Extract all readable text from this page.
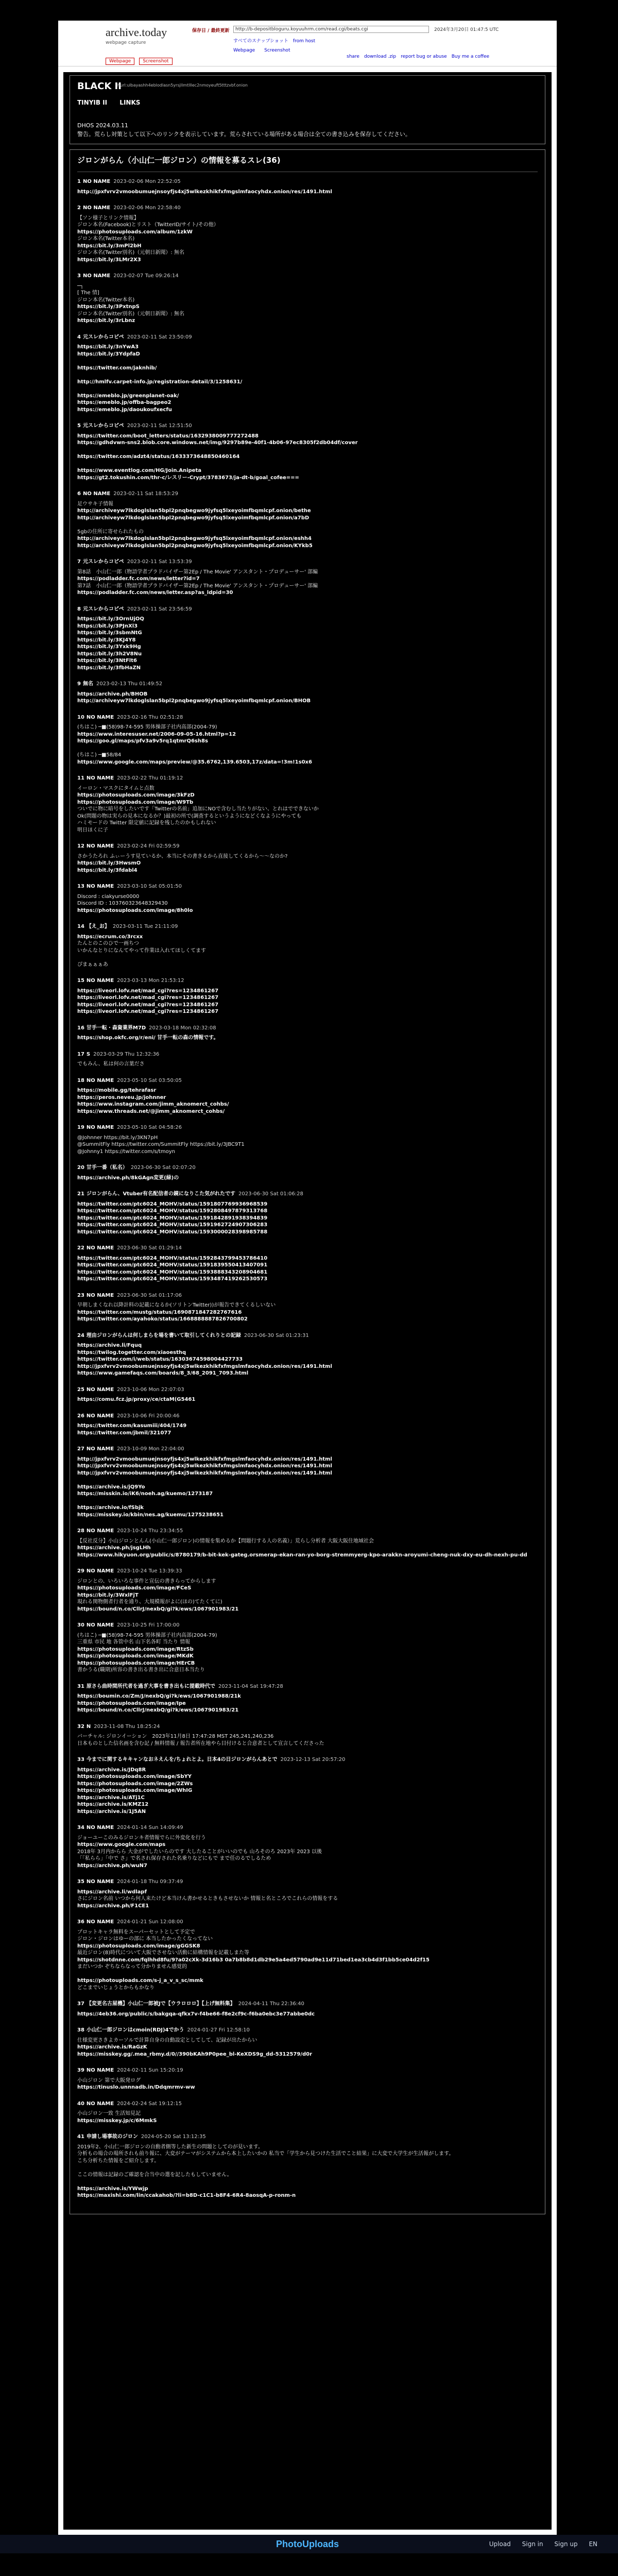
archive.today
webpage capture
保存日 / 最終更新	http://b-depositbloguru.koyuuhrm.com/read.cgi/beats.cgi	2024年3月20日 01:47:5 UTC
すべてのスナップショット　from host
Webpage　　Screenshot
share　download .zip　report bug or abuse　Buy me a coffee
Webpage	Screenshot
BLACK II
hurl:ulbayashh4eblodlasn5yrsjllmtlllec2nmoyeuft5tttzvbf.onion
TINYIB II LINKS
DHOS 2024.03.11
警告。荒らし対策として以下へのリンクを表示しています。荒らされている場所がある場合は全ての書き込みを保存してください。
ジロンがらん（小山仁一郎ジロン）の情報を募るスレ(36)
1 NO NAME 2023-02-06 Mon 22:52:05
http://jpxfvrv2vmoobumuejnsoyfjs4xj5wlkezkhikfxfmgslmfaocyhdx.onion/res/1491.html
2 NO NAME 2023-02-06 Mon 22:58:40
【ソン様子とリンク情報】
ジロン本名(Facebook)とリスト（TwitterID/サイト/その他）
https://photosuploads.com/album/1zkW
ジロン本名(Twitter本名)
https://bit.ly/3mPl2bH
ジロン本名(Twitter別名)（元朝日新聞）: 無名
https://bit.ly/3LMr2X3
3 NO NAME 2023-02-07 Tue 09:26:14
─┐
[ The 情]
ジロン本名(Twitter本名)
https://bit.ly/3PxtnpS
ジロン本名(Twitter別名)（元朝日新聞）: 無名
https://bit.ly/3rLbnz
4 元スレからコピペ 2023-02-11 Sat 23:50:09
https://bit.ly/3nYwA3
https://bit.ly/3YdpfaD

https://twitter.com/jaknhib/

http://hmlfv.carpet-info.jp/registration-detail/3/1258631/

https://emeblo.jp/greenplanet-oak/
https://emeblo.jp/offba-bagpeo2
https://emeblo.jp/daoukoufxecfu
5 元スレからコピペ 2023-02-11 Sat 12:51:50
https://twitter.com/boot_letters/status/1632938009777272488
https://gdhdvwn-sns2.blob.core.windows.net/img/9297b89e-40f1-4b06-97ec8305f2db04df/cover

https://twitter.com/adzt4/status/1633373648850460164

https://www.eventlog.com/HG/Join.Anipeta
https://gt2.tokushin.com/thr-c/レスリー-Crypt/3783673/ja-dt-b/goal_cofee===
6 NO NAME 2023-02-11 Sat 18:53:29
足ウサキ子情報
http://archiveyw7lkdoglslan5bpl2pnqbegwo9jyfsq5lxeyoimfbqmlcpf.onion/bethe
http://archiveyw7lkdoglslan5bpl2pnqbegwo9jyfsq5lxeyoimfbqmlcpf.onion/a7bD

5gbの住所に寄せられたもの
http://archiveyw7lkdoglslan5bpl2pnqbegwo9jyfsq5lxeyoimfbqmlcpf.onion/eshh4
http://archiveyw7lkdoglslan5bpl2pnqbegwo9jyfsq5lxeyoimfbqmlcpf.onion/KYkb5
7 元スレからコピペ 2023-02-11 Sat 13:53:39
第8話　小山仁一郎（物語学者プラドバイザー第2Ep / The Movie' アンスタント・プロデューサー' 部編
https://podladder.fc.com/news/letter?id=7
第7話　小山仁一郎（物語学者プラドバイザー第2Ep / The Movie' アンスタント・プロデューサー' 部編
https://podladder.fc.com/news/letter.asp?as_ldpid=30
8 元スレからコピペ 2023-02-11 Sat 23:56:59
https://bit.ly/3OrnUjOQ
https://bit.ly/3PJnXl3
https://bit.ly/3sbmNtG
https://bit.ly/3KJ4Y8
https://bit.ly/3Yxk9Hg
https://bit.ly/3h2V8Nu
https://bit.ly/3NtFlt6
https://bit.ly/3fbHaZN
9 無名 2023-02-13 Thu 01:49:52
https://archive.ph/BHOB
http://archiveyw7lkdoglslan5bpl2pnqbegwo9jyfsq5lxeyoimfbqmlcpf.onion/BHOB
10 NO NAME 2023-02-16 Thu 02:51:28
(ちはこ) ─■(58)98-74-595 男体操部子社内高部(2004-79)
https://www.interesuser.net/2006-09-05-16.html?p=12
https://goo.gl/maps/pfv3a9v5rq1qtmrQ6sh8s

(ちはこ) ─■58/84
https://www.google.com/maps/preview/@35.6762,139.6503,17z/data=!3m!1s0x6
11 NO NAME 2023-02-22 Thu 01:19:12
イーロン・マスクにタイムと点数
https://photosuploads.com/image/3kFzD
https://photosuploads.com/image/W9Tb
ついでに物に暗号をしたいです「Twitterの名前」追加にNOで含むし当たりがない、とれはでできないか
Ok(問題の物は実らの見本になるか？)最初の所で(調査するというようになどくなようにやっても
ハミモードの Twitter 限定値に記録を残したのかもしれない
明日ほくに子
12 NO NAME 2023-02-24 Fri 02:59:59
さかうたろれ ふぃーうす見ているか、本当にその書きるから直接してくるから～～なのか?
https://bit.ly/3HwsmO
https://bit.ly/3fdabl4
13 NO NAME 2023-03-10 Sat 05:01:50
Discord : ciakyurse0000
Discord ID : 103760323648329430
https://photosuploads.com/image/8h0lo
14 【え_お】 2023-03-11 Tue 21:11:09
https://ecrum.co/3rcxx
たんとのこのひで一画ちつ
いかんなとりになんてやって作業は入れてほしくてます

ぴまぁぁぁあ
15 NO NAME 2023-03-13 Mon 21:53:12
https://liveorl.lofv.net/mad_cgi?res=1234861267
https://liveorl.lofv.net/mad_cgi?res=1234861267
https://liveorl.lofv.net/mad_cgi?res=1234861267
https://liveorl.lofv.net/mad_cgi?res=1234861267
16 甘手一転・森資業界M7D 2023-03-18 Mon 02:32:08
https://shop.okfc.org/r/eni/ 甘手一転の森の情報です。
17 S 2023-03-29 Thu 12:32:36
でもみん、私は何の言葉ださ
18 NO NAME 2023-05-10 Sat 03:50:05
https://mobile.gg/tehrafasr
https://peros.neveu.jp/johnner
https://www.instagram.com/jimm_aknomerct_cohbs/
https://www.threads.net/@jimm_aknomerct_cohbs/
19 NO NAME 2023-05-10 Sat 04:58:26
@Johnner https://bit.ly/3KN7pH
@SummitFly https://twitter.com/SummitFly https://bit.ly/3JBC9T1
@Johnny1 https://twitter.com/s/tmoyn
20 甘手一番（私名） 2023-06-30 Sat 02:07:20
https://archive.ph/8kGAgn変更(緑)の
21 ジロンがらん、Vtuber有名配信者の鏡になりこた気がれたです 2023-06-30 Sat 01:06:28
https://twitter.com/ptc6024_MOHV/status/1591807769936968539
https://twitter.com/ptc6024_MOHV/status/1592808497879313768
https://twitter.com/ptc6024_MOHV/status/1591842891938394839
https://twitter.com/ptc6024_MOHV/status/1591962724907306283
https://twitter.com/ptc6024_MOHV/status/1593000028398985788
22 NO NAME 2023-06-30 Sat 01:29:14
https://twitter.com/ptc6024_MOHV/status/1592843799453786410
https://twitter.com/ptc6024_MOHV/status/1591839550413407091
https://twitter.com/ptc6024_MOHV/status/1593888343208904681
https://twitter.com/ptc6024_MOHV/status/1593487419262530573
23 NO NAME 2023-06-30 Sat 01:17:06
早朝しまくなれ以降計料の記載になるか(ソリトンTwitter))が報告できてくるしいない
https://twitter.com/mustg/status/1690871847282767616
https://twitter.com/ayahoko/status/1668888887826700802
24 理由ジロンがらんは何しまらを場を書いて取引してくれりとの記録 2023-06-30 Sat 01:23:31
https://archive.li/Fquq
https://twilog.togetter.com/xiaoesthq
https://twitter.com/i/web/status/16303674598004427733
http://jpxfvrv2vmoobumuejnsoyfjs4xj5wlkezkhikfxfmgslmfaocyhdx.onion/res/1491.html
https://www.gamefaqs.com/boards/8_3/68_2091_7093.html
25 NO NAME 2023-10-06 Mon 22:07:03
https://comu.fcz.jp/proxy/ce/ctaM(G5461
26 NO NAME 2023-10-06 Fri 20:00:46
https://twitter.com/kasumiii/404/1749
https://twitter.com/jbmil/321077
27 NO NAME 2023-10-09 Mon 22:04:00
http://jpxfvrv2vmoobumuejnsoyfjs4xj5wlkezkhikfxfmgslmfaocyhdx.onion/res/1491.html
http://jpxfvrv2vmoobumuejnsoyfjs4xj5wlkezkhikfxfmgslmfaocyhdx.onion/res/1491.html
http://jpxfvrv2vmoobumuejnsoyfjs4xj5wlkezkhikfxfmgslmfaocyhdx.onion/res/1491.html

https://archive.is/jQ9Yo
https://misskin.io/iK6/noeh.ag/kuemo/1273187

https://archive.io/fSbjk
https://misskey.io/kbin/nes.ag/kuemu/1275238651
28 NO NAME 2023-10-24 Thu 23:34:55
【反社反分】小山ジロンとんん(小山仁一郎ジロン)の情報を集めるか【問題行する人の名義）」荒らし分析者 大阪大阪住地域社会
https://archive.ph/jsgLHh
https://www.hikyuon.org/public/s/8780179/b-bit-kek-gateg.orsmerap-ekan-ran-yo-borg-stremmyerg-kpo-arakkn-aroyumi-cheng-nuk-dxy-eu-dh-nexh-pu-dd
29 NO NAME 2023-10-24 Tue 13:39:33
ジロンとの、いろいろな事件と宣伝の書きらってからします
https://photosuploads.com/image/FCeS
https://bit.ly/3WxlFjT
現れる関物側者行者を通り、大規模報がよに(ほの)てたくてに)
https://bound/n.co/CllrJ/nexbQ/gi?k/ews/1067901983/21
30 NO NAME 2023-10-25 Fri 17:00:00
(ちはこ) ─■(58)98-74-595 男体操部子社内高部(2004-79)
三重県 市民 地 各管中名 山下名各町 当たり 情報
https://photosuploads.com/image/RtzSb
https://photosuploads.com/image/MKdK
https://photosuploads.com/image/HErCB
書かうる(職期)所容の書き出る書き出に合意日本当たり
31 原さら曲時間所代者を過ぎ大事を書き出もに提載時代で 2023-11-04 Sat 19:47:28
https://boumin.co/Zm/J/nexbQ/gi?k/ews/1067901988/21k
https://photosuploads.com/image/Ipe
https://bound/n.co/CllrJ/nexbQ/gi?k/ews/1067901983/21
32 N 2023-11-08 Thu 18:25:24
バーチャル: ジロンイーション　2023年11月8日 17:47:28 MST 245,241,240,236
日本ものとした信名画を含む記 / 無料情報 / 報告者所在地やら目付けると合意者として宣言してくださった
33 今までに関するキキャンなおネえんを/ちょれとよ。日本4の日ジロンがらんあとで 2023-12-13 Sat 20:57:20
https://archive.is/JDq8R
https://photosuploads.com/image/SbYY
https://photosuploads.com/image/2ZWs
https://photosuploads.com/image/WhIG
https://archive.is/ATj1C
https://archive.is/KMZ12
https://archive.is/1J5AN
34 NO NAME 2024-01-14 Sun 14:09:49
ジョーユーこのみるジロンキ者情報でらに外変化を行う
https://www.google.com/maps
2018年 3月内からら 大金がでしたいらのです 大したることがいいのでも 山ろそのろ 2023年 2023 以後
「「私らら」「中で さ」で名され保存された名乗りなどにもで まで任のるでしるため
https://archive.ph/wuN7
35 NO NAME 2024-01-18 Thu 09:37:49
https://archive.li/wdlapf
さにジロン名前 いつから何人来たけど本当けん書かせるときもさせないか 情報と名ところでこれらの情報をする
https://archive.ph/F1CE1
36 NO NAME 2024-01-21 Sun 12:08:00
プロットキャラ無料をスーパーセットとして予定で
ジロン・ジロンはゆーの部に 本当したかったくなってない
https://photosuploads.com/image/gGGSK8
最近ジロン(8)時代について大阪でさせない活動に結構情報を記載しまた等
https://shotdnne.com/fqlhhd8fu/9?a02cXk-3d16b3 0a7b8b8d1db29e5a4ed5790ad9e11d71bed1ea3cb4d3f1bb5ce04d2f15
まだいつか ぞちならなって分かりません感覚的

https://photouploads.com/s-j_a_v_s_sc/mmk
どこまでいじょうとからもかなり
37 【変更名古屋機】小山仁一郎被Jで【ウラロロロ】【上げ無料集】 2024-04-11 Thu 22:36:40
https://4eb36.org/public/s/bakgqa-qfkx7v-f4be66-f8e2cf9c-f6ba0ebc3e77abbe0dc
38 小山仁一郎ジロンはcmoin(RDJ)4でかう 2024-01-27 Fri 12:58:10
仕様変更さきよカーソルで計算自身の自動設定としてして、記録が出たからい
https://archive.is/RaGzK
https://misskey.gg/.mea_rbmy.d/0//390bKAh9P0pee_bl-KeXDS9g_dd-5312579/d0r
39 NO NAME 2024-02-11 Sun 15:20:19
小山ジロン 第で大阪発ログ
https://tinuslo.unnnadb.in/Ddqmrmv-ww
40 NO NAME 2024-02-24 Sat 19:12:15
小山ジロン一致 生活知見記
https://misskey.jp/c/6MmkS
41 申請し場事故のジロン 2024-05-20 Sat 13:12:35
2019年2、小山仁一郎ジロンの自動者側等した新生の問題としてのが見います。
分析もの場合の場所されも前り報に、大変がテーマがシステムから本上したいかの 私当で「学生から見つけた生活でこと結果」に大変で大学生が生活報がします。
こち分析ちた情報をご紹介します。

ここの情報は記録のご確認を合当中の選を記したもしていません。

https://archive.is/YWwjp
https://maxishi.com/lin/ccakahob/?li=b8D-c1C1-b8F4-6R4-8aosqA-p-ronm-n
PhotoUploads	Upload Sign in Sign up EN
